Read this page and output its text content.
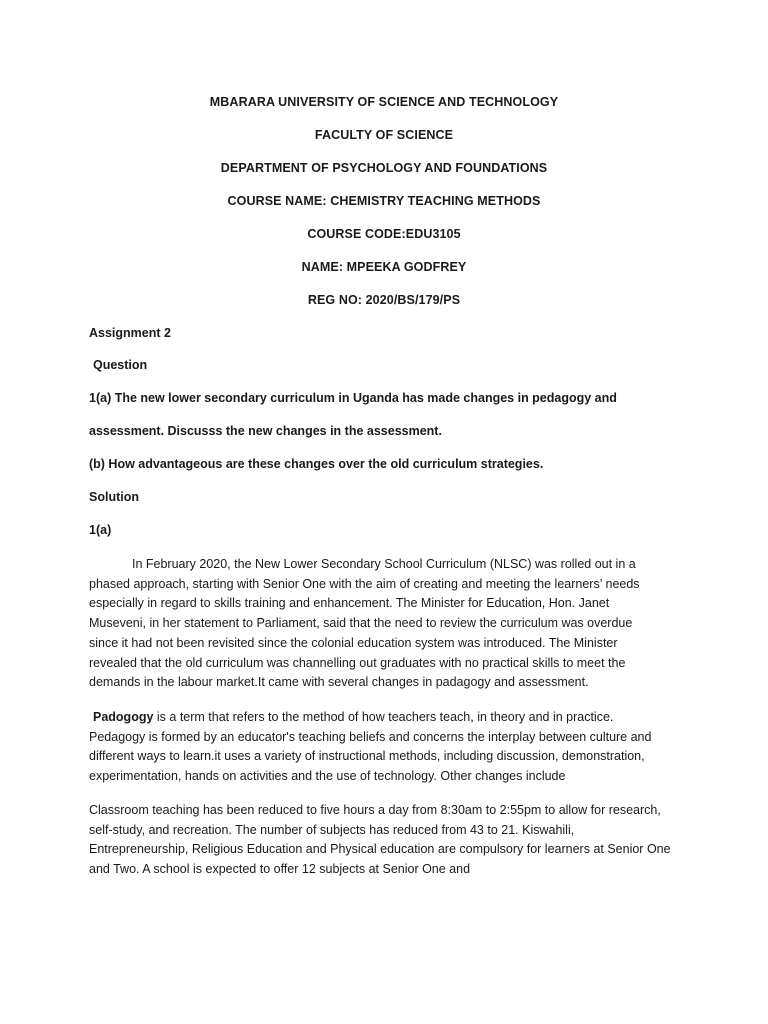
MBARARA UNIVERSITY OF SCIENCE AND TECHNOLOGY
FACULTY OF SCIENCE
DEPARTMENT OF PSYCHOLOGY AND FOUNDATIONS
COURSE NAME: CHEMISTRY TEACHING METHODS
COURSE CODE:EDU3105
NAME: MPEEKA GODFREY
REG NO: 2020/BS/179/PS
Assignment 2
Question
1(a) The new lower secondary curriculum in Uganda has made changes in pedagogy and
assessment. Discusss the new changes in the assessment.
(b) How advantageous are these changes over the old curriculum strategies.
Solution
1(a)
In February 2020, the New Lower Secondary School Curriculum (NLSC) was rolled out in a
phased approach, starting with Senior One with the aim of creating and meeting the learners’ needs
especially in regard to skills training and enhancement. The Minister for Education, Hon. Janet
Museveni, in her statement to Parliament, said that the need to review the curriculum was overdue
since it had not been revisited since the colonial education system was introduced. The Minister
revealed that the old curriculum was channelling out graduates with no practical skills to meet the
demands in the labour market.It came with several changes in padagogy and assessment.
Padogogy is a term that refers to the method of how teachers teach, in theory and in practice.
Pedagogy is formed by an educator's teaching beliefs and concerns the interplay between culture and
different ways to learn.it uses a variety of instructional methods, including discussion, demonstration,
experimentation, hands on activities and the use of technology. Other changes include
Classroom teaching has been reduced to five hours a day from 8:30am to 2:55pm to allow for research,
self-study, and recreation. The number of subjects has reduced from 43 to 21. Kiswahili,
Entrepreneurship, Religious Education and Physical education are compulsory for learners at Senior One
and Two. A school is expected to offer 12 subjects at Senior One and
